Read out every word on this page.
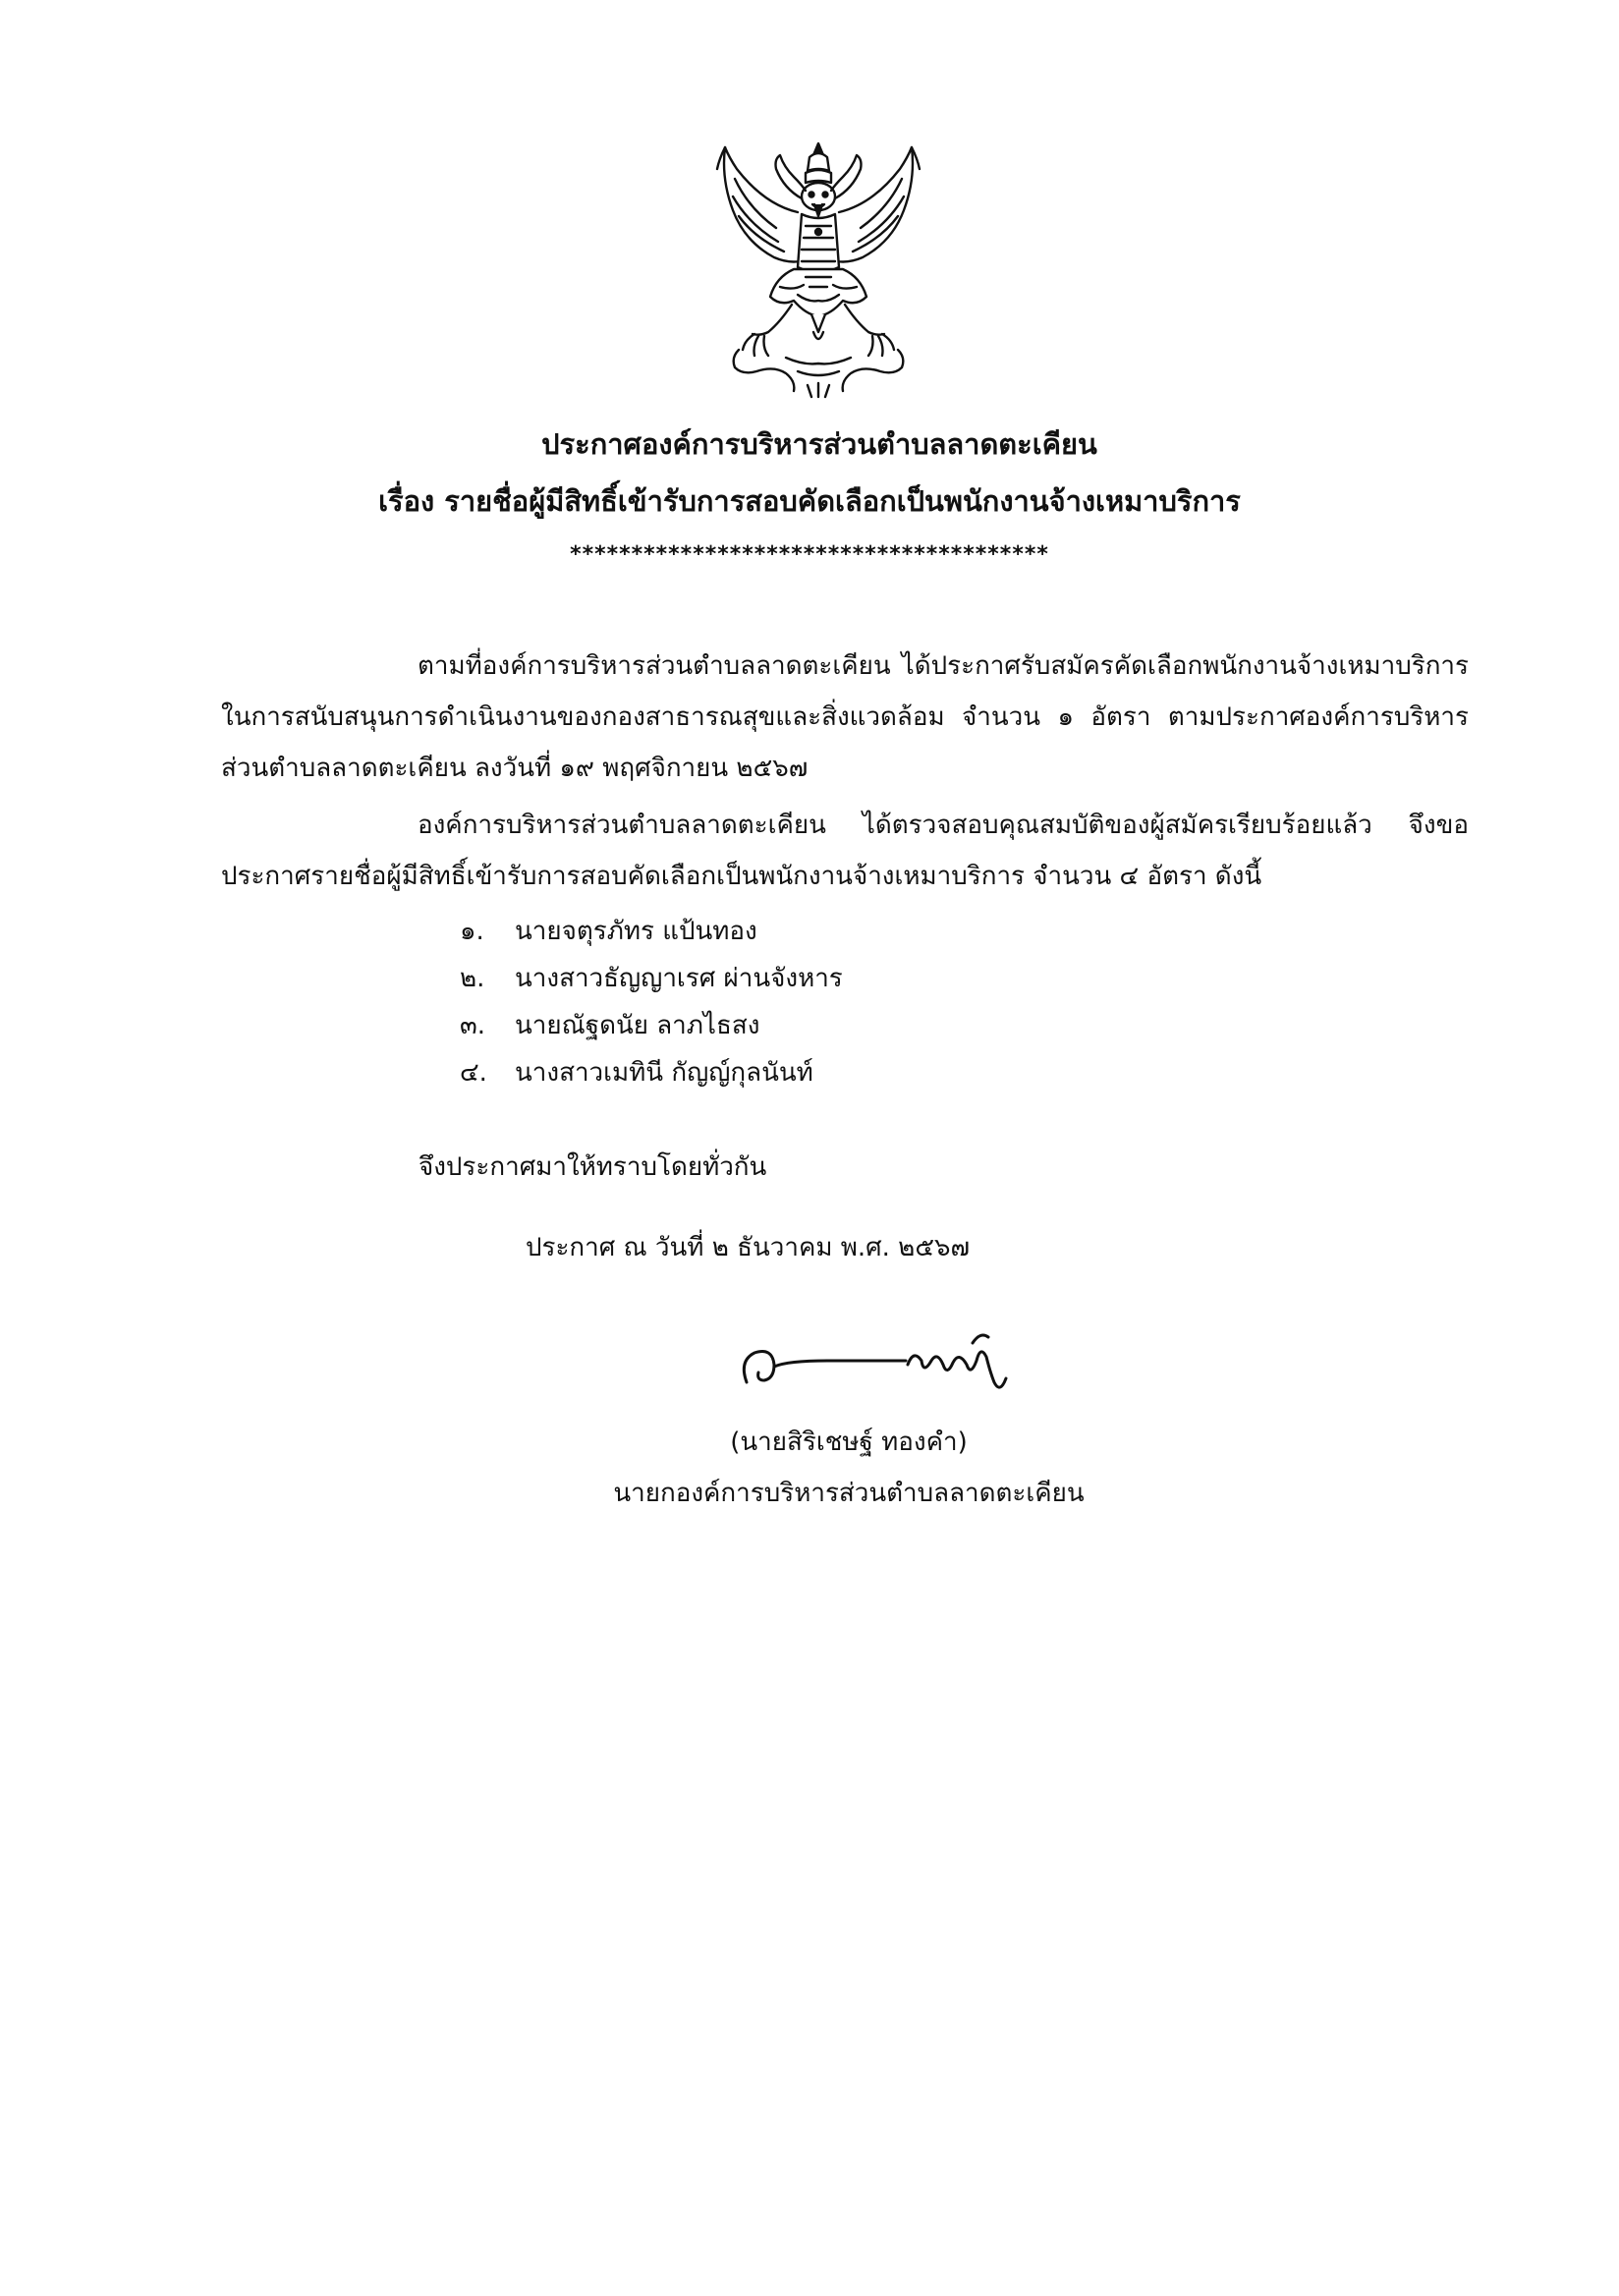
ประกาศองค์การบริหารส่วนตำบลลาดตะเคียน
เรื่อง รายชื่อผู้มีสิทธิ์เข้ารับการสอบคัดเลือกเป็นพนักงานจ้างเหมาบริการ
***************************************
ตามที่องค์การบริหารส่วนตำบลลาดตะเคียน ได้ประกาศรับสมัครคัดเลือกพนักงานจ้างเหมาบริการ ในการสนับสนุนการดำเนินงานของกองสาธารณสุขและสิ่งแวดล้อม จำนวน ๑ อัตรา ตามประกาศองค์การบริหารส่วนตำบลลาดตะเคียน ลงวันที่ ๑๙ พฤศจิกายน ๒๕๖๗
องค์การบริหารส่วนตำบลลาดตะเคียน ได้ตรวจสอบคุณสมบัติของผู้สมัครเรียบร้อยแล้ว จึงขอประกาศรายชื่อผู้มีสิทธิ์เข้ารับการสอบคัดเลือกเป็นพนักงานจ้างเหมาบริการ จำนวน ๔ อัตรา ดังนี้
๑. นายจตุรภัทร แป้นทอง
๒. นางสาวธัญญาเรศ ผ่านจังหาร
๓. นายณัฐดนัย ลาภไธสง
๔. นางสาวเมทินี กัญญ์กุลนันท์
จึงประกาศมาให้ทราบโดยทั่วกัน
ประกาศ ณ วันที่ ๒ ธันวาคม พ.ศ. ๒๕๖๗
(นายสิริเชษฐ์ ทองคำ)
นายกองค์การบริหารส่วนตำบลลาดตะเคียน
